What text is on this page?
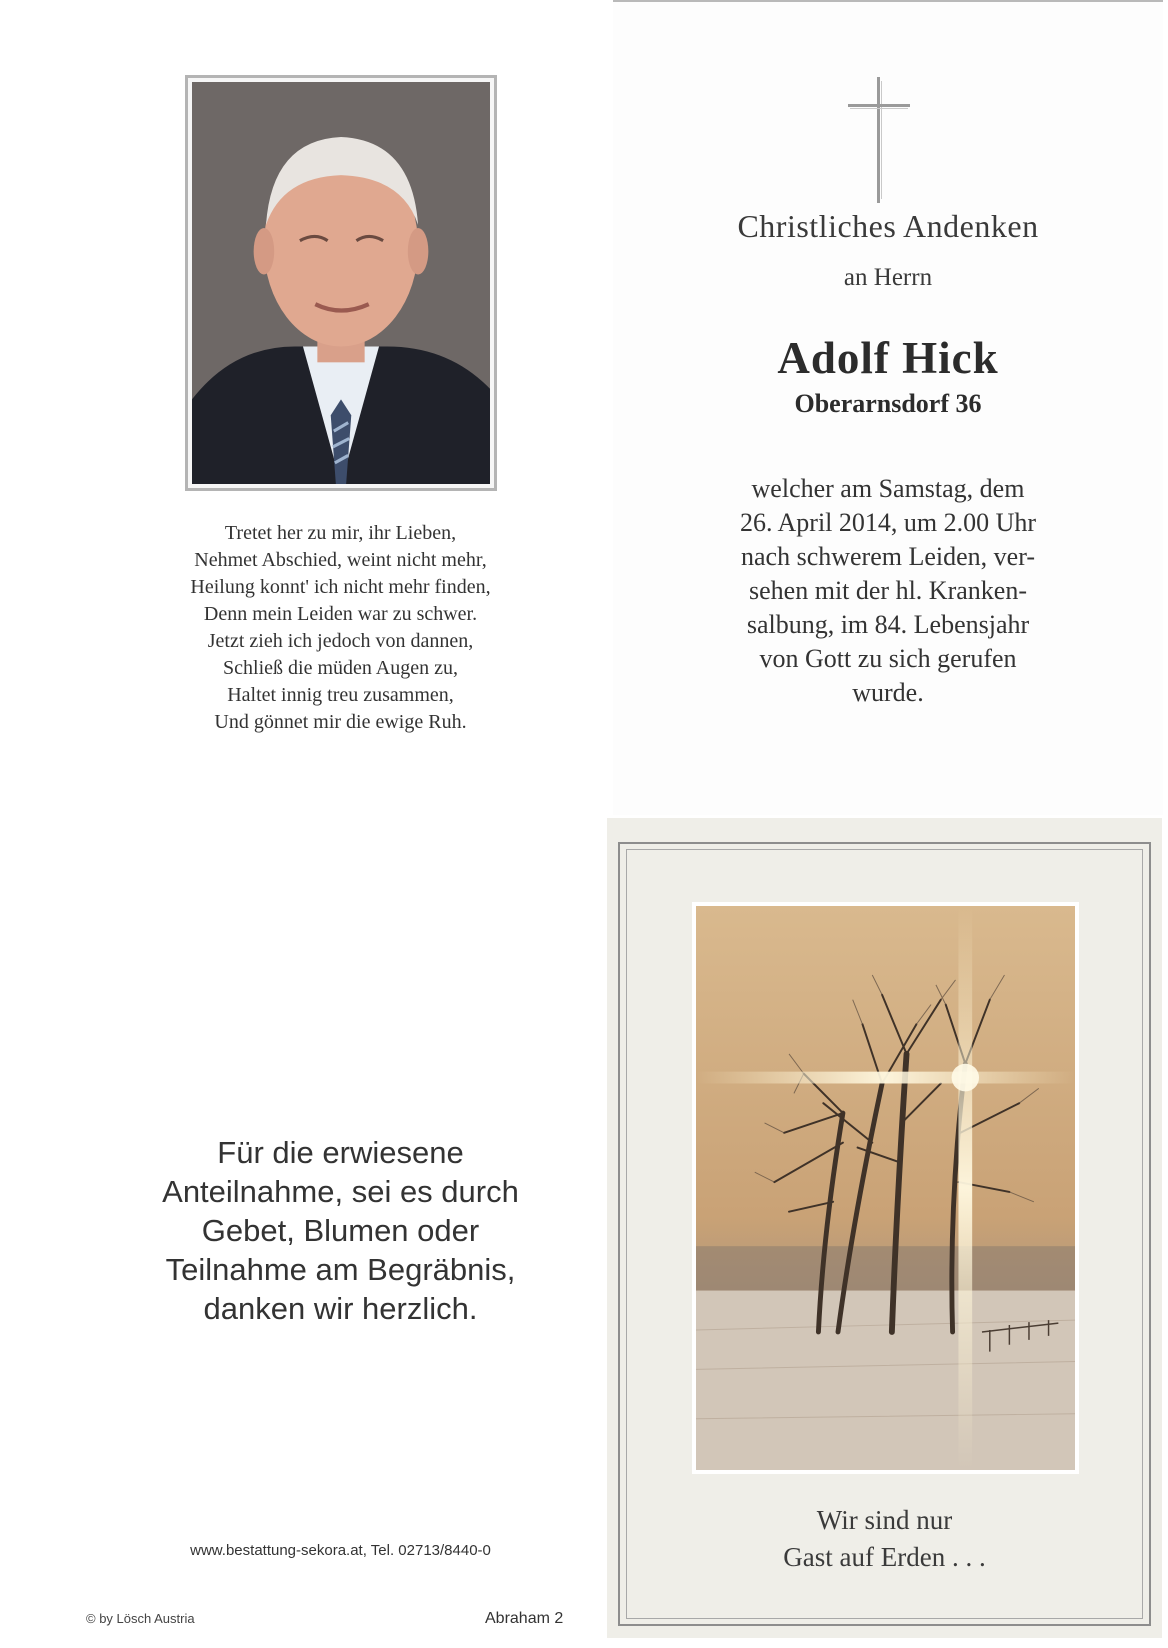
Tretet her zu mir, ihr Lieben,
Nehmet Abschied, weint nicht mehr,
Heilung konnt' ich nicht mehr finden,
Denn mein Leiden war zu schwer.
Jetzt zieh ich jedoch von dannen,
Schließ die müden Augen zu,
Haltet innig treu zusammen,
Und gönnet mir die ewige Ruh.
Christliches Andenken
an Herrn
Adolf Hick
Oberarnsdorf 36
welcher am Samstag, dem
26. April 2014, um 2.00 Uhr
nach schwerem Leiden, ver-
sehen mit der hl. Kranken-
salbung, im 84. Lebensjahr
von Gott zu sich gerufen
wurde.
Für die erwiesene
Anteilnahme, sei es durch
Gebet, Blumen oder
Teilnahme am Begräbnis,
danken wir herzlich.
www.bestattung-sekora.at, Tel. 02713/8440-0
© by Lösch Austria	Abraham 2
Wir sind nur
Gast auf Erden . . .
